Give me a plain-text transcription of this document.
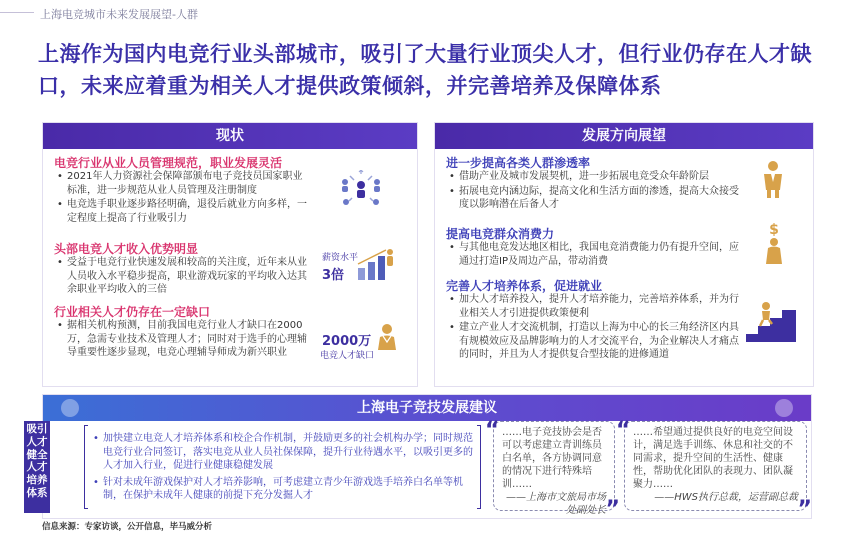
上海电竞城市未来发展展望-人群
上海作为国内电竞行业头部城市，吸引了大量行业顶尖人才，但行业仍存在人才缺口，未来应着重为相关人才提供政策倾斜，并完善培养及保障体系
现状
电竞行业从业人员管理规范，职业发展灵活
• 2021年人力资源社会保障部颁布电子竞技员国家职业标准，进一步规范从业人员管理及注册制度
• 电竞选手职业逐步路径明确，退役后就业方向多样，一定程度上提高了行业吸引力
头部电竞人才收入优势明显
• 受益于电竞行业快速发展和较高的关注度，近年来从业人员收入水平稳步提高，职业游戏玩家的平均收入达其余职业平均收入的三倍
薪资水平
3倍
行业相关人才仍存在一定缺口
• 据相关机构预测，目前我国电竞行业人才缺口在2000万，急需专业技术及管理人才；同时对于选手的心理辅导重要性逐步显现，电竞心理辅导师成为新兴职业
2000万
电竞人才缺口
发展方向展望
进一步提高各类人群渗透率
• 借助产业及城市发展契机，进一步拓展电竞受众年龄阶层
• 拓展电竞内涵边际，提高文化和生活方面的渗透，提高大众接受度以影响潜在后备人才
提高电竞群众消费力
• 与其他电竞发达地区相比，我国电竞消费能力仍有提升空间，应通过打造IP及周边产品，带动消费
$
完善人才培养体系，促进就业
• 加大人才培养投入，提升人才培养能力，完善培养体系，并为行业相关人才引进提供政策便利
• 建立产业人才交流机制，打造以上海为中心的长三角经济区内具有规模效应及品牌影响力的人才交流平台，为企业解决人才痛点的同时，并且为人才提供复合型技能的进修通道
上海电子竞技发展建议
吸引人才健全人才培养体系
• 加快建立电竞人才培养体系和校企合作机制，并鼓励更多的社会机构办学；同时规范电竞行业合同签订，落实电竞从业人员社保保障，提升行业待遇水平，以吸引更多的人才加入行业，促进行业健康稳健发展
• 针对未成年游戏保护对人才培养影响，可考虑建立青少年游戏选手培养白名单等机制，在保护未成年人健康的前提下充分发掘人才
“ ……电子竞技协会是否可以考虑建立青训练员白名单，各方协调同意的情况下进行特殊培训……
——上海市文旅局市场处副处长 ”
“ ……希望通过提供良好的电竞空间设计，满足选手训练、休息和社交的不同需求，提升空间的生活性、健康性，帮助优化团队的表现力、团队凝聚力……
——HWS执行总裁，运营副总裁 ”
信息来源：专家访谈，公开信息，毕马威分析
